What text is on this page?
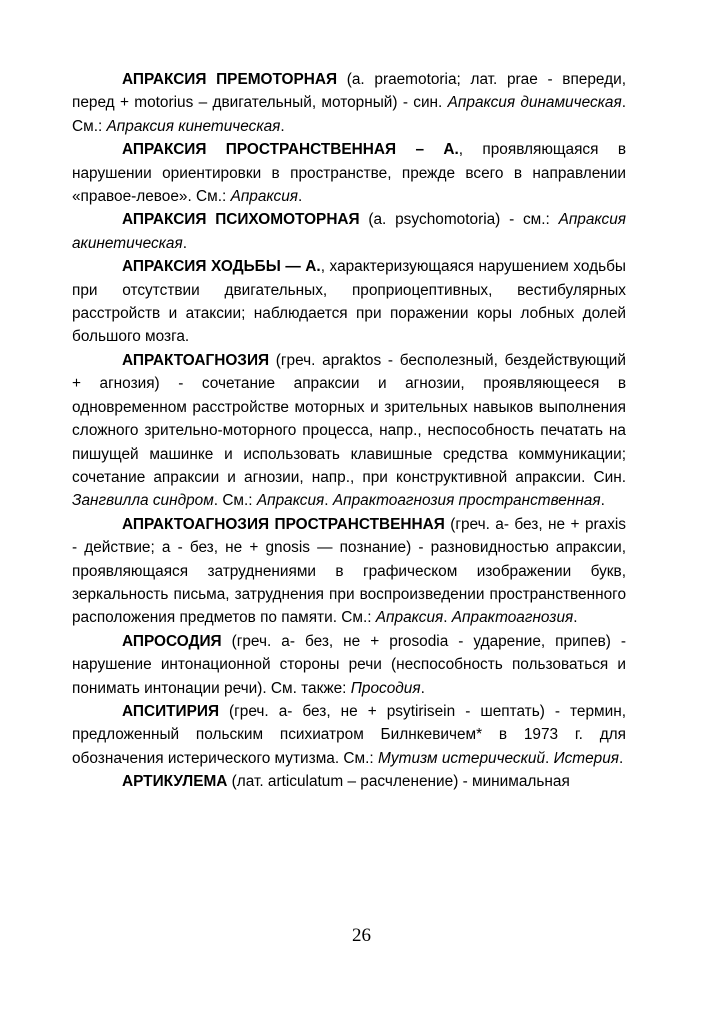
АПРАКСИЯ ПРЕМОТОРНАЯ (а. praemotoria; лат. prae - впереди, перед + motorius – двигательный, моторный) - син. Апраксия динамическая. См.: Апраксия кинетическая.

АПРАКСИЯ ПРОСТРАНСТВЕННАЯ – А., проявляющаяся в нарушении ориентировки в пространстве, прежде всего в направлении «правое-левое». См.: Апраксия.

АПРАКСИЯ ПСИХОМОТОРНАЯ (а. psychomotoria) - см.: Апраксия акинетическая.

АПРАКСИЯ ХОДЬБЫ — А., характеризующаяся нарушением ходьбы при отсутствии двигательных, проприоцептивных, вестибулярных расстройств и атаксии; наблюдается при поражении коры лобных долей большого мозга.

АПРАКТОАГНОЗИЯ (греч. apraktos - бесполезный, бездействующий + агнозия) - сочетание апраксии и агнозии, проявляющееся в одновременном расстройстве моторных и зрительных навыков выполнения сложного зрительно-моторного процесса, напр., неспособность печатать на пишущей машинке и использовать клавишные средства коммуникации; сочетание апраксии и агнозии, напр., при конструктивной апраксии. Син. Зангвилла синдром. См.: Апраксия. Апрактоагнозия пространственная.

АПРАКТОАГНОЗИЯ ПРОСТРАНСТВЕННАЯ (греч. а- без, не + praxis - действие; а - без, не + gnosis — познание) - разновидностью апраксии, проявляющаяся затруднениями в графическом изображении букв, зеркальность письма, затруднения при воспроизведении пространственного расположения предметов по памяти. См.: Апраксия. Апрактоагнозия.

АПРОСОДИЯ (греч. а- без, не + prosodia - ударение, припев) - нарушение интонационной стороны речи (неспособность пользоваться и понимать интонации речи). См. также: Просодия.

АПСИТИРИЯ (греч. а- без, не + psytirisein - шептать) - термин, предложенный польским психиатром Билнкевичем* в 1973 г. для обозначения истерического мутизма. См.: Мутизм истерический. Истерия.

АРТИКУЛЕМА (лат. articulatum – расчленение) - минимальная

26
